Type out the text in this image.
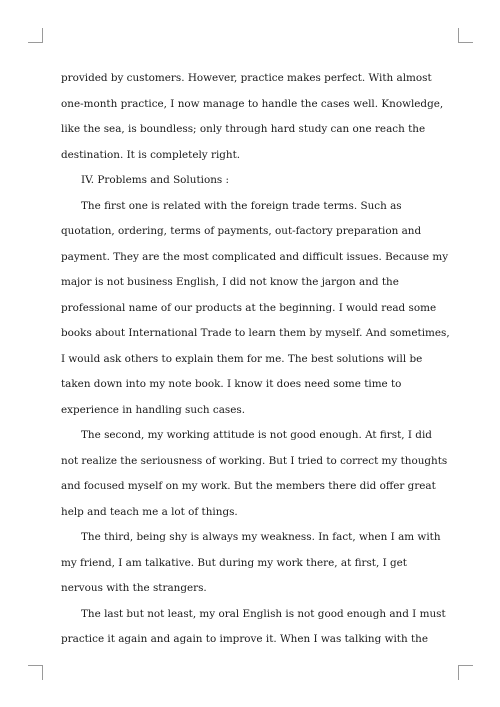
provided by customers. However, practice makes perfect. With almost
one-month practice, I now manage to handle the cases well. Knowledge,
like the sea, is boundless; only through hard study can one reach the
destination. It is completely right.
IV. Problems and Solutions :
The first one is related with the foreign trade terms. Such as
quotation, ordering, terms of payments, out-factory preparation and
payment. They are the most complicated and difficult issues. Because my
major is not business English, I did not know the jargon and the
professional name of our products at the beginning. I would read some
books about International Trade to learn them by myself. And sometimes,
I would ask others to explain them for me. The best solutions will be
taken down into my note book. I know it does need some time to
experience in handling such cases.
The second, my working attitude is not good enough. At first, I did
not realize the seriousness of working. But I tried to correct my thoughts
and focused myself on my work. But the members there did offer great
help and teach me a lot of things.
The third, being shy is always my weakness. In fact, when I am with
my friend, I am talkative. But during my work there, at first, I get
nervous with the strangers.
The last but not least, my oral English is not good enough and I must
practice it again and again to improve it. When I was talking with the
